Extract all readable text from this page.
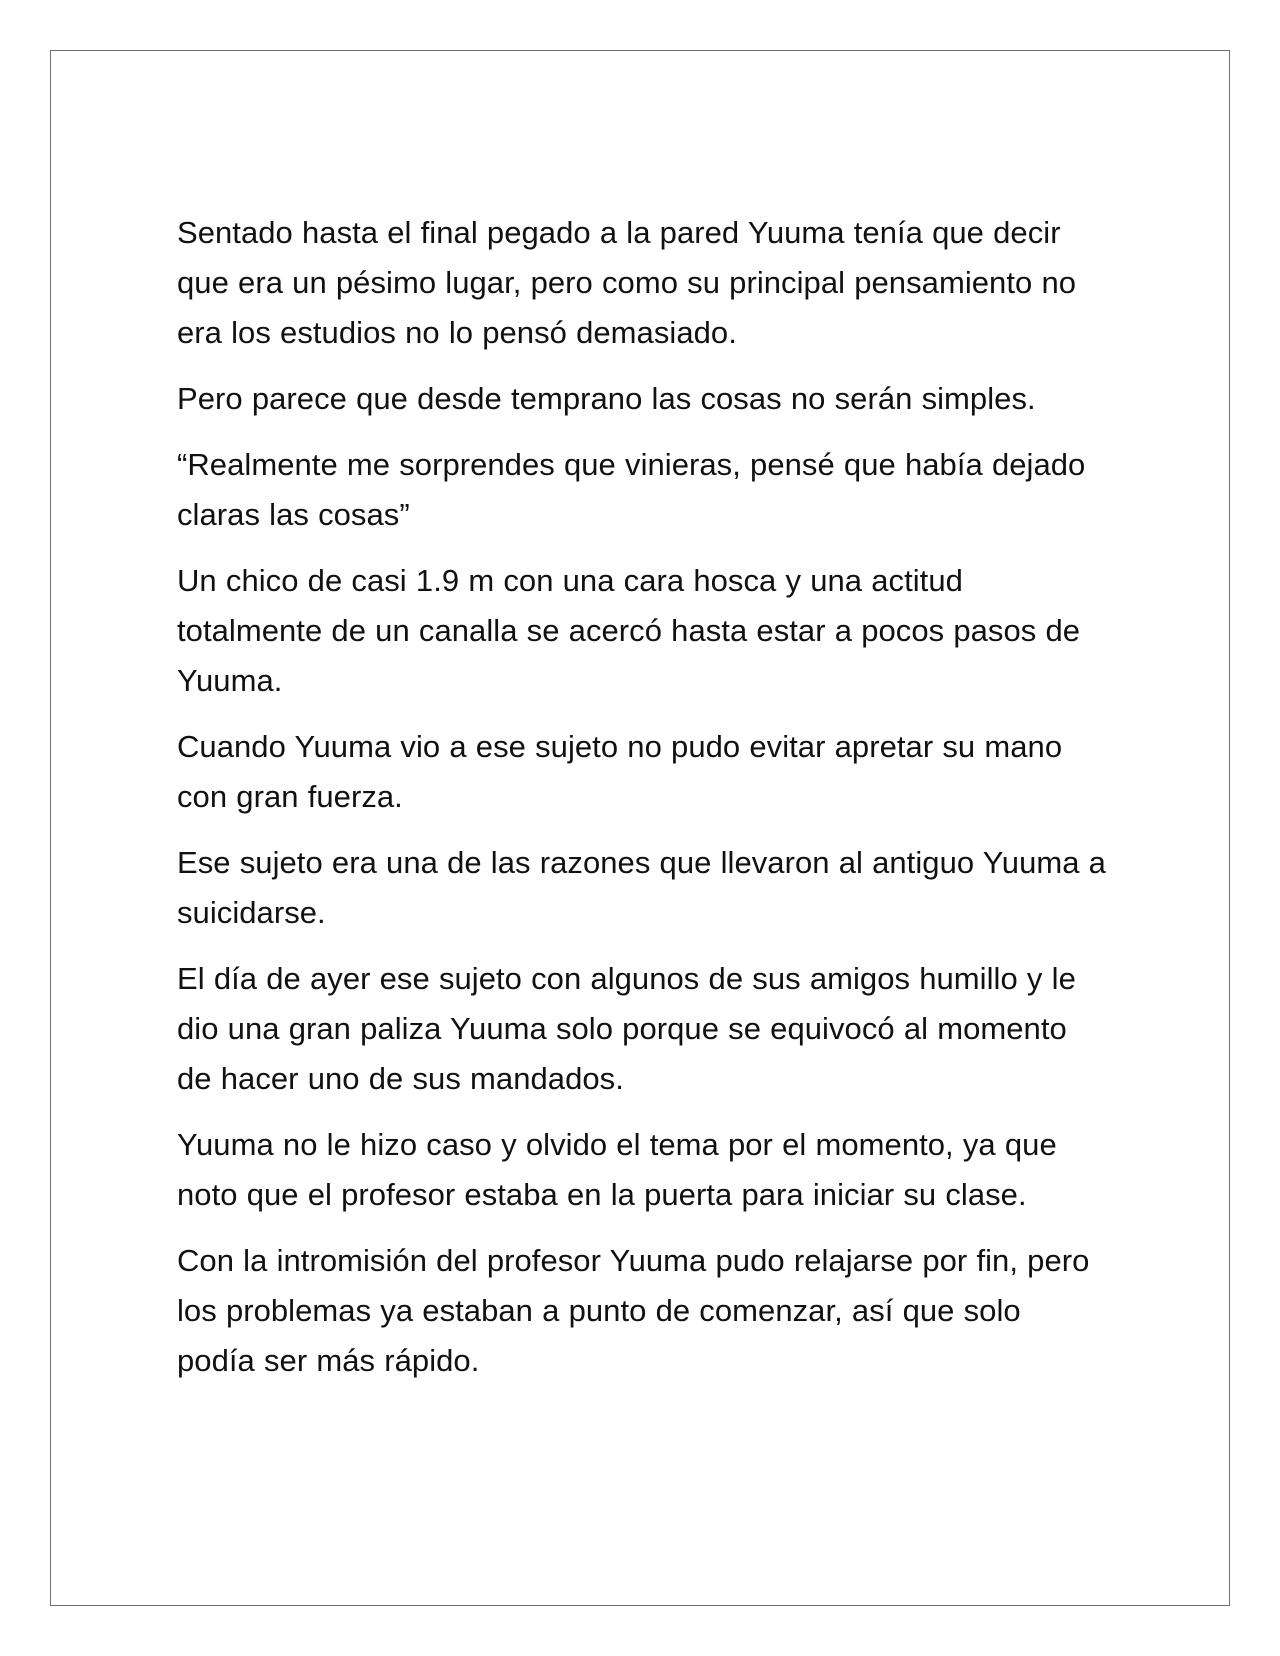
Sentado hasta el final pegado a la pared Yuuma tenía que decir que era un pésimo lugar, pero como su principal pensamiento no era los estudios no lo pensó demasiado.

Pero parece que desde temprano las cosas no serán simples.

“Realmente me sorprendes que vinieras, pensé que había dejado claras las cosas”

Un chico de casi 1.9 m con una cara hosca y una actitud totalmente de un canalla se acercó hasta estar a pocos pasos de Yuuma.

Cuando Yuuma vio a ese sujeto no pudo evitar apretar su mano con gran fuerza.

Ese sujeto era una de las razones que llevaron al antiguo Yuuma a suicidarse.

El día de ayer ese sujeto con algunos de sus amigos humillo y le dio una gran paliza Yuuma solo porque se equivocó al momento de hacer uno de sus mandados.

Yuuma no le hizo caso y olvido el tema por el momento, ya que noto que el profesor estaba en la puerta para iniciar su clase.

Con la intromisión del profesor Yuuma pudo relajarse por fin, pero los problemas ya estaban a punto de comenzar, así que solo podía ser más rápido.
